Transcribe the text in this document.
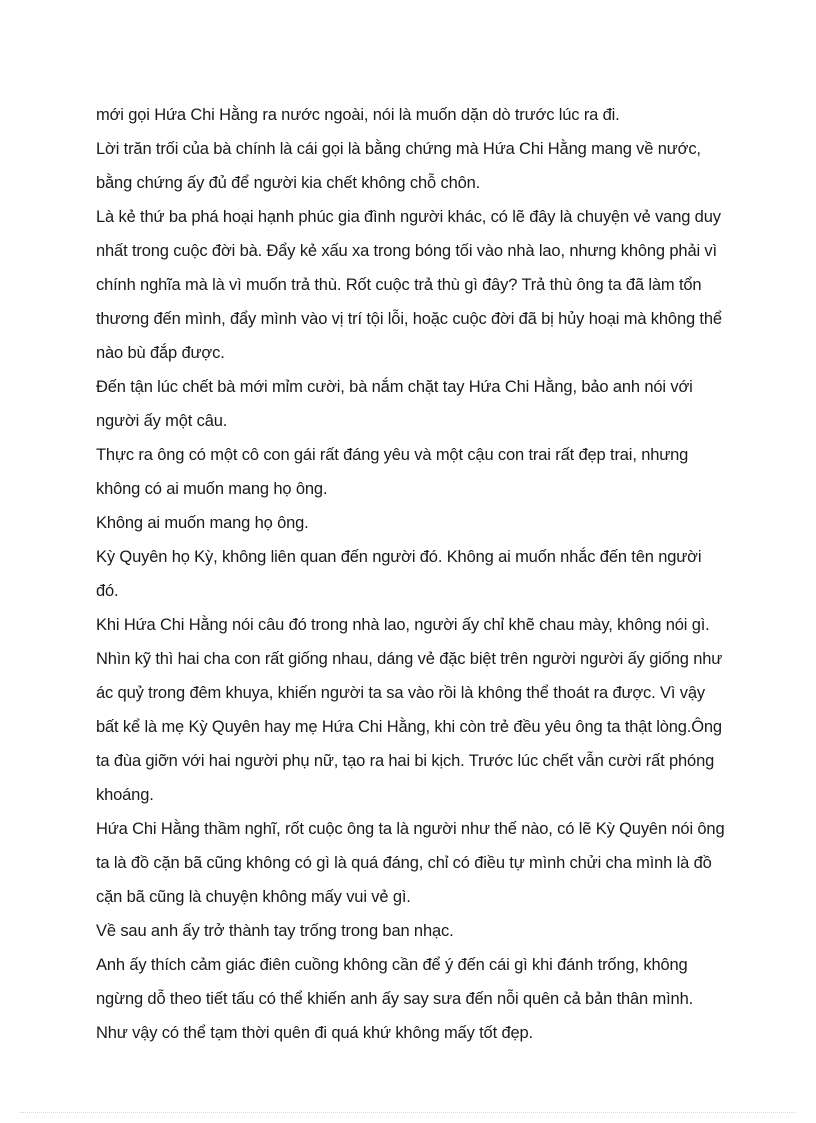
mới gọi Hứa Chi Hằng ra nước ngoài, nói là muốn dặn dò trước lúc ra đi.

Lời trăn trối của bà chính là cái gọi là bằng chứng mà Hứa Chi Hằng mang về nước, bằng chứng ấy đủ để người kia chết không chỗ chôn.

Là kẻ thứ ba phá hoại hạnh phúc gia đình người khác, có lẽ đây là chuyện vẻ vang duy nhất trong cuộc đời bà. Đẩy kẻ xấu xa trong bóng tối vào nhà lao, nhưng không phải vì chính nghĩa mà là vì muốn trả thù. Rốt cuộc trả thù gì đây? Trả thù ông ta đã làm tổn thương đến mình, đẩy mình vào vị trí tội lỗi, hoặc cuộc đời đã bị hủy hoại mà không thể nào bù đắp được.

Đến tận lúc chết bà mới mỉm cười, bà nắm chặt tay Hứa Chi Hằng, bảo anh nói với người ấy một câu.

Thực ra ông có một cô con gái rất đáng yêu và một cậu con trai rất đẹp trai, nhưng không có ai muốn mang họ ông.

Không ai muốn mang họ ông.

Kỳ Quyên họ Kỳ, không liên quan đến người đó. Không ai muốn nhắc đến tên người đó.

Khi Hứa Chi Hằng nói câu đó trong nhà lao, người ấy chỉ khẽ chau mày, không nói gì.

Nhìn kỹ thì hai cha con rất giống nhau, dáng vẻ đặc biệt trên người người ấy giống như ác quỷ trong đêm khuya, khiến người ta sa vào rồi là không thể thoát ra được. Vì vậy bất kể là mẹ Kỳ Quyên hay mẹ Hứa Chi Hằng, khi còn trẻ đều yêu ông ta thật lòng.Ông ta đùa giỡn với hai người phụ nữ, tạo ra hai bi kịch. Trước lúc chết vẫn cười rất phóng khoáng.

Hứa Chi Hằng thầm nghĩ, rốt cuộc ông ta là người như thế nào, có lẽ Kỳ Quyên nói ông ta là đồ cặn bã cũng không có gì là quá đáng, chỉ có điều tự mình chửi cha mình là đồ cặn bã cũng là chuyện không mấy vui vẻ gì.

Về sau anh ấy trở thành tay trống trong ban nhạc.

Anh ấy thích cảm giác điên cuồng không cần để ý đến cái gì khi đánh trống, không ngừng dỗ theo tiết tấu có thể khiến anh ấy say sưa đến nỗi quên cả bản thân mình. Như vậy có thể tạm thời quên đi quá khứ không mấy tốt đẹp.
